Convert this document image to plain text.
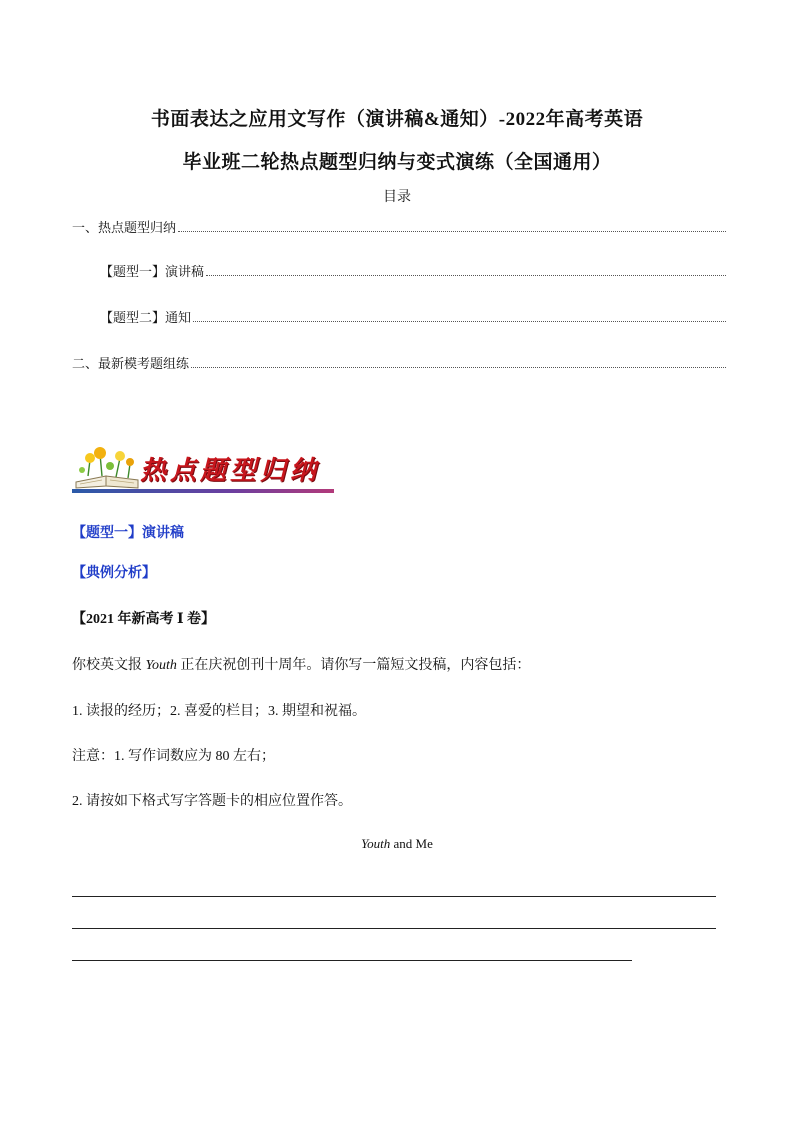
书面表达之应用文写作（演讲稿&通知）-2022年高考英语
毕业班二轮热点题型归纳与变式演练（全国通用）
目录
一、热点题型归纳
【题型一】演讲稿
【题型二】通知
二、最新模考题组练
热点题型归纳
【题型一】演讲稿
【典例分析】
【2021 年新高考 Ⅰ 卷】
你校英文报 Youth 正在庆祝创刊十周年。请你写一篇短文投稿，内容包括：
1. 读报的经历；2. 喜爱的栏目；3. 期望和祝福。
注意：1. 写作词数应为 80 左右；
2. 请按如下格式写字答题卡的相应位置作答。
Youth and Me
